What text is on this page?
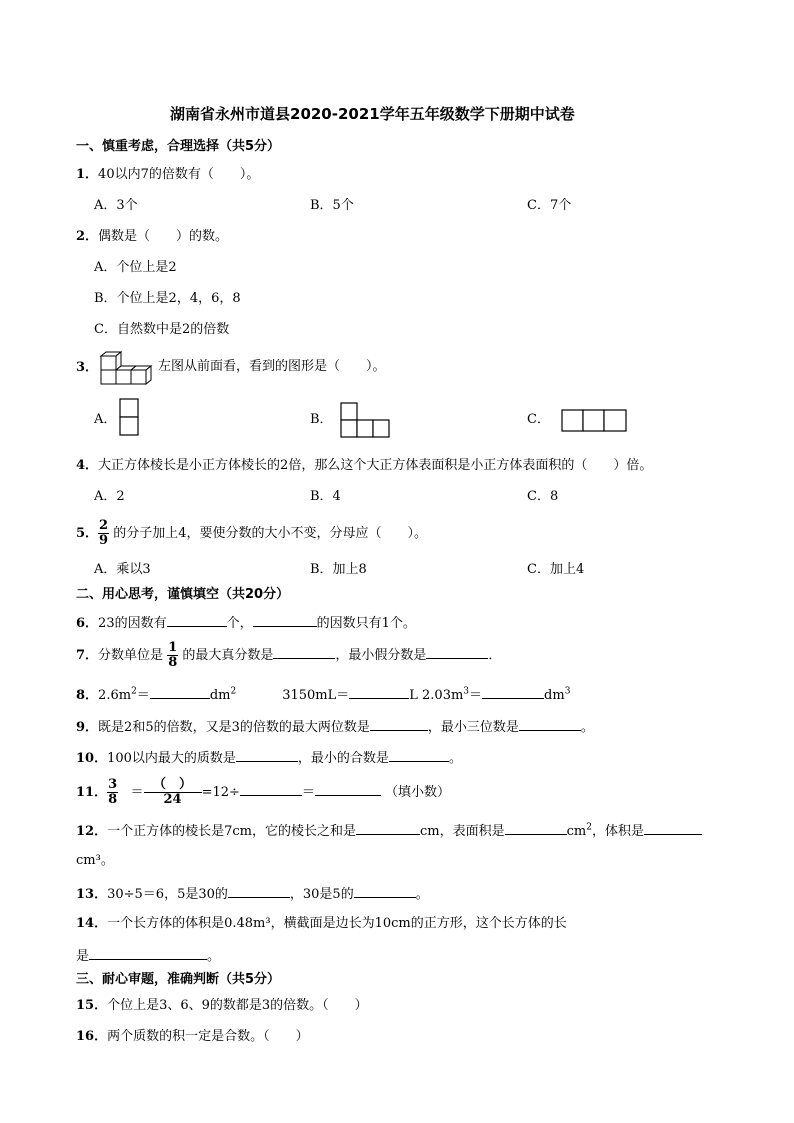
湖南省永州市道县2020-2021学年五年级数学下册期中试卷
一、慎重考虑，合理选择（共5分）
1．40以内7的倍数有（　　）。
A．3个	B．5个	C．7个
2．偶数是（　　）的数。
A．个位上是2
B．个位上是2，4，6，8
C．自然数中是2的倍数
3．	左图从前面看，看到的图形是（　　）。
A．	B．	C．
4．大正方体棱长是小正方体棱长的2倍，那么这个大正方体表面积是小正方体表面积的（　　）倍。
A．2	B．4	C．8
5． $\frac{2}{9}$ 的分子加上4，要使分数的大小不变，分母应（　　）。
A．乘以3	B．加上8	C．加上4
二、用心思考，谨慎填空（共20分）
6．23的因数有	个，	的因数只有1个。
7．分数单位是 $\frac{1}{8}$ 的最大真分数是	，最小假分数是	．
8．$2.6m^2=$	$dm^2$	3150mL＝	L $2.03m^3=$	$dm^3$
9．既是2和5的倍数，又是3的倍数的最大两位数是	，最小三位数是	。
10．100以内最大的质数是	，最小的合数是	。
11． $\frac{3}{8} = \frac{( )}{24} =12\div$	＝	（填小数）
12．一个正方体的棱长是7cm，它的棱长之和是	cm，表面积是	$cm^2$，体积是
cm³。
13．30÷5＝6，5是30的	，30是5的	。
14．一个长方体的体积是0.48m³，横截面是边长为10cm的正方形，这个长方体的长
是	。
三、耐心审题，准确判断（共5分）
15．个位上是3、6、9的数都是3的倍数。（　　）
16．两个质数的积一定是合数。（　　）
